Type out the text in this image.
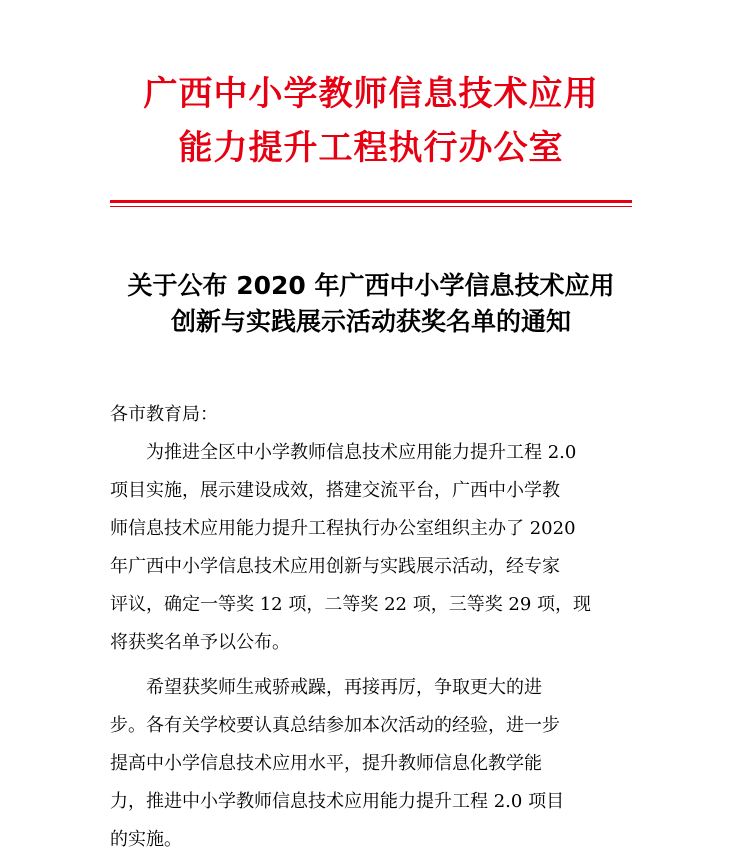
广西中小学教师信息技术应用
能力提升工程执行办公室
关于公布 2020 年广西中小学信息技术应用
创新与实践展示活动获奖名单的通知
各市教育局：
　　为推进全区中小学教师信息技术应用能力提升工程 2.0
项目实施，展示建设成效，搭建交流平台，广西中小学教
师信息技术应用能力提升工程执行办公室组织主办了 2020
年广西中小学信息技术应用创新与实践展示活动，经专家
评议，确定一等奖 12 项，二等奖 22 项，三等奖 29 项，现
将获奖名单予以公布。
　　希望获奖师生戒骄戒躁，再接再厉，争取更大的进
步。各有关学校要认真总结参加本次活动的经验，进一步
提高中小学信息技术应用水平，提升教师信息化教学能
力，推进中小学教师信息技术应用能力提升工程 2.0 项目
的实施。
